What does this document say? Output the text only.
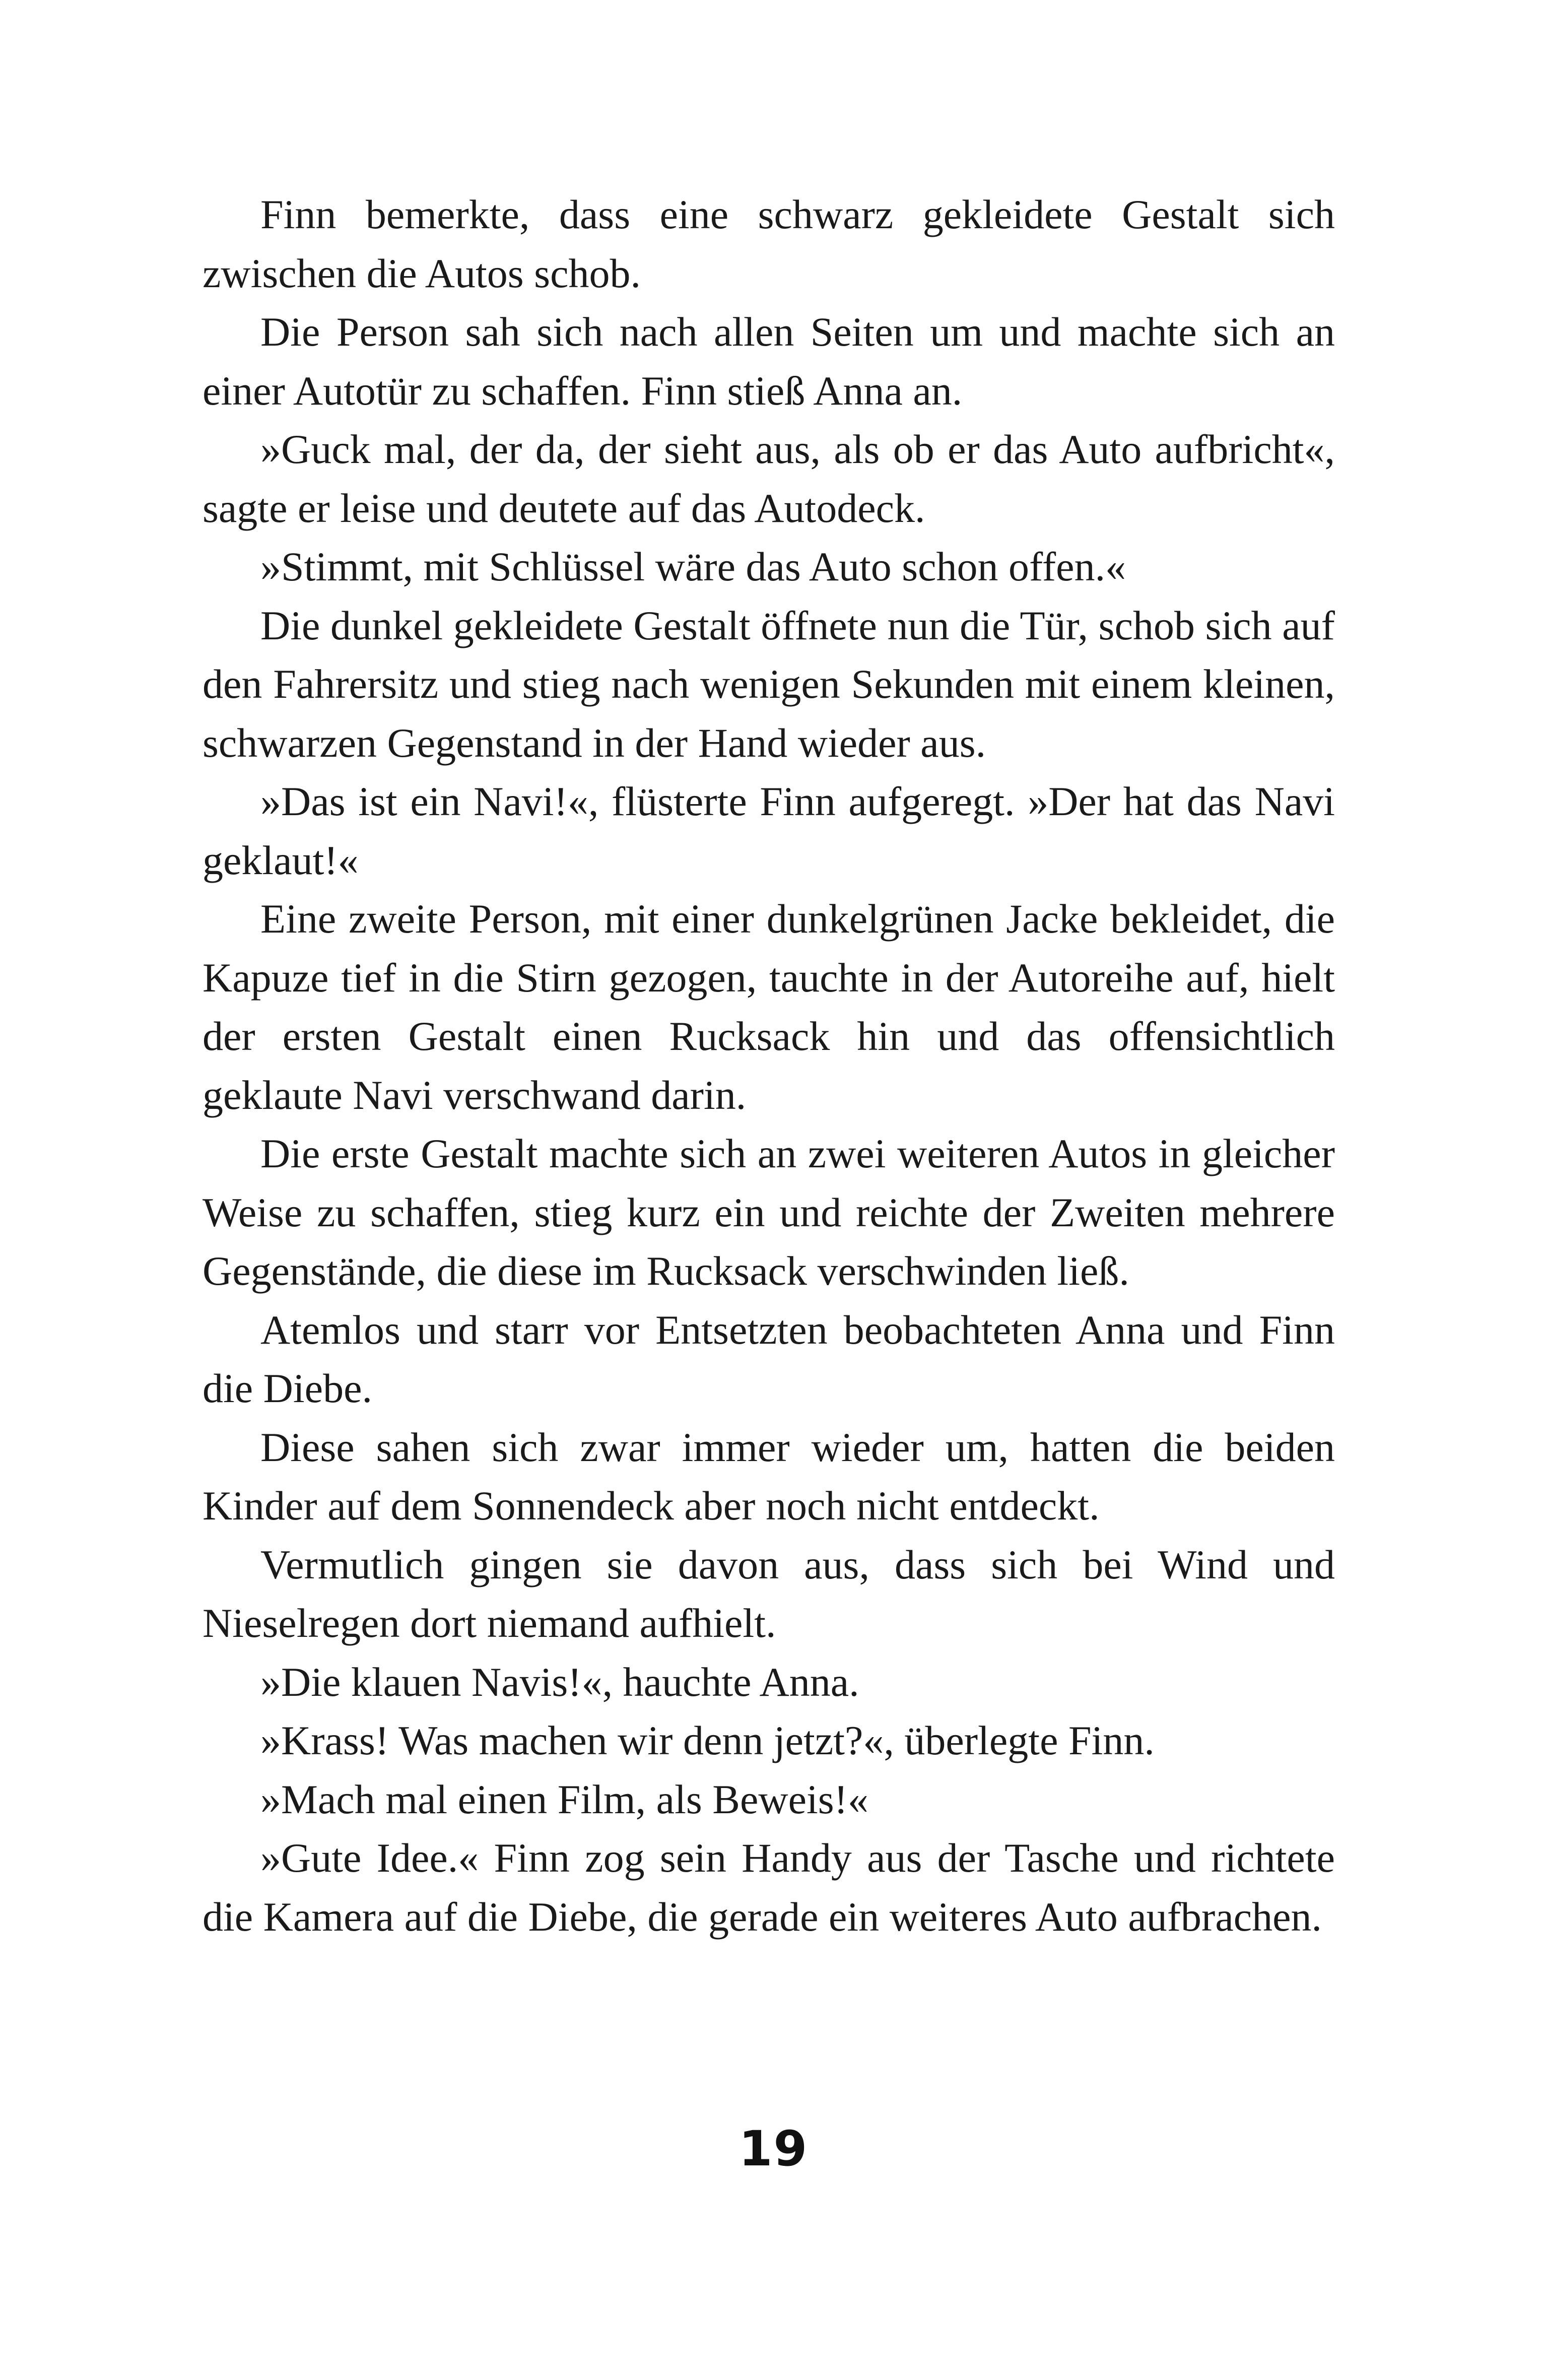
Finn bemerkte, dass eine schwarz gekleidete Gestalt sich zwischen die Autos schob.

Die Person sah sich nach allen Seiten um und machte sich an einer Autotür zu schaffen. Finn stieß Anna an.

»Guck mal, der da, der sieht aus, als ob er das Auto aufbricht«, sagte er leise und deutete auf das Autodeck.

»Stimmt, mit Schlüssel wäre das Auto schon offen.«

Die dunkel gekleidete Gestalt öffnete nun die Tür, schob sich auf den Fahrersitz und stieg nach wenigen Sekunden mit einem kleinen, schwarzen Gegenstand in der Hand wieder aus.

»Das ist ein Navi!«, flüsterte Finn aufgeregt. »Der hat das Navi geklaut!«

Eine zweite Person, mit einer dunkelgrünen Jacke bekleidet, die Kapuze tief in die Stirn gezogen, tauchte in der Autoreihe auf, hielt der ersten Gestalt einen Rucksack hin und das offensichtlich geklaute Navi verschwand darin.

Die erste Gestalt machte sich an zwei weiteren Autos in gleicher Weise zu schaffen, stieg kurz ein und reichte der Zweiten mehrere Gegenstände, die diese im Rucksack verschwinden ließ.

Atemlos und starr vor Entsetzten beobachteten Anna und Finn die Diebe.

Diese sahen sich zwar immer wieder um, hatten die beiden Kinder auf dem Sonnendeck aber noch nicht entdeckt.

Vermutlich gingen sie davon aus, dass sich bei Wind und Nieselregen dort niemand aufhielt.

»Die klauen Navis!«, hauchte Anna.

»Krass! Was machen wir denn jetzt?«, überlegte Finn.

»Mach mal einen Film, als Beweis!«

»Gute Idee.« Finn zog sein Handy aus der Tasche und richtete die Kamera auf die Diebe, die gerade ein weiteres Auto aufbrachen.

19
